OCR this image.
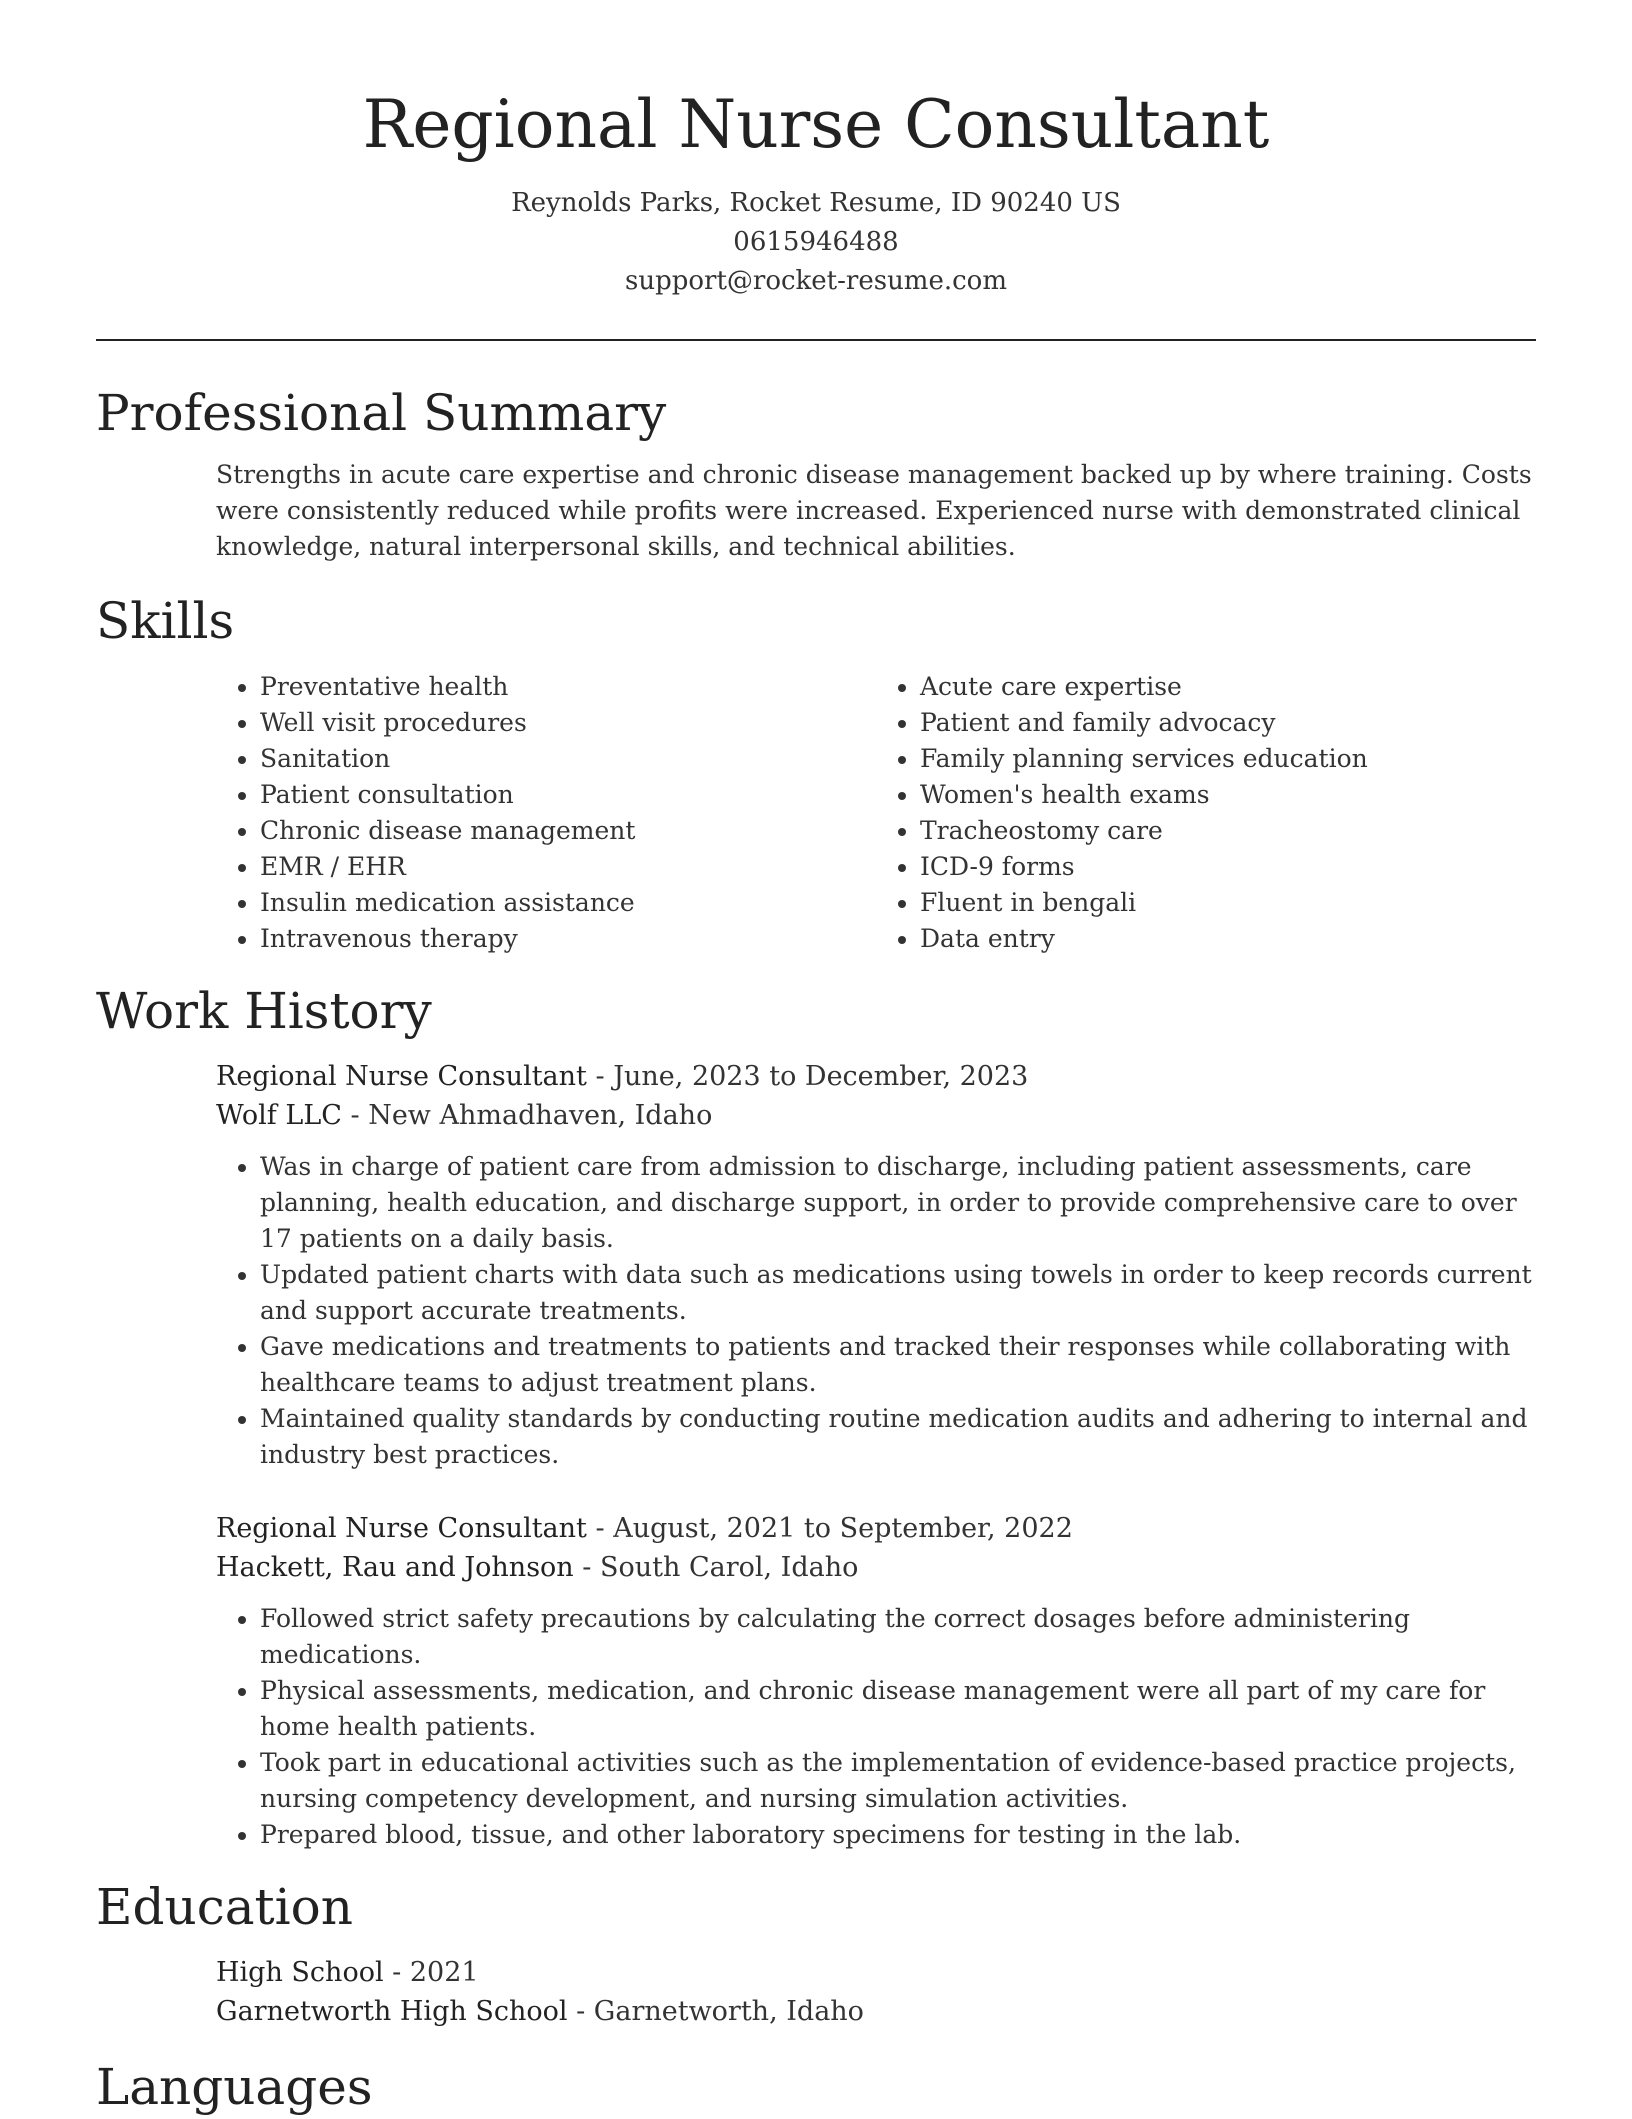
Regional Nurse Consultant
Reynolds Parks, Rocket Resume, ID 90240 US
0615946488
support@rocket-resume.com
Professional Summary
Strengths in acute care expertise and chronic disease management backed up by where training. Costs were consistently reduced while profits were increased. Experienced nurse with demonstrated clinical knowledge, natural interpersonal skills, and technical abilities.
Skills
• Preventative health
• Well visit procedures
• Sanitation
• Patient consultation
• Chronic disease management
• EMR / EHR
• Insulin medication assistance
• Intravenous therapy
• Acute care expertise
• Patient and family advocacy
• Family planning services education
• Women's health exams
• Tracheostomy care
• ICD-9 forms
• Fluent in bengali
• Data entry
Work History
Regional Nurse Consultant - June, 2023 to December, 2023
Wolf LLC - New Ahmadhaven, Idaho
• Was in charge of patient care from admission to discharge, including patient assessments, care planning, health education, and discharge support, in order to provide comprehensive care to over 17 patients on a daily basis.
• Updated patient charts with data such as medications using towels in order to keep records current and support accurate treatments.
• Gave medications and treatments to patients and tracked their responses while collaborating with healthcare teams to adjust treatment plans.
• Maintained quality standards by conducting routine medication audits and adhering to internal and industry best practices.
Regional Nurse Consultant - August, 2021 to September, 2022
Hackett, Rau and Johnson - South Carol, Idaho
• Followed strict safety precautions by calculating the correct dosages before administering medications.
• Physical assessments, medication, and chronic disease management were all part of my care for home health patients.
• Took part in educational activities such as the implementation of evidence-based practice projects, nursing competency development, and nursing simulation activities.
• Prepared blood, tissue, and other laboratory specimens for testing in the lab.
Education
High School - 2021
Garnetworth High School - Garnetworth, Idaho
Languages
